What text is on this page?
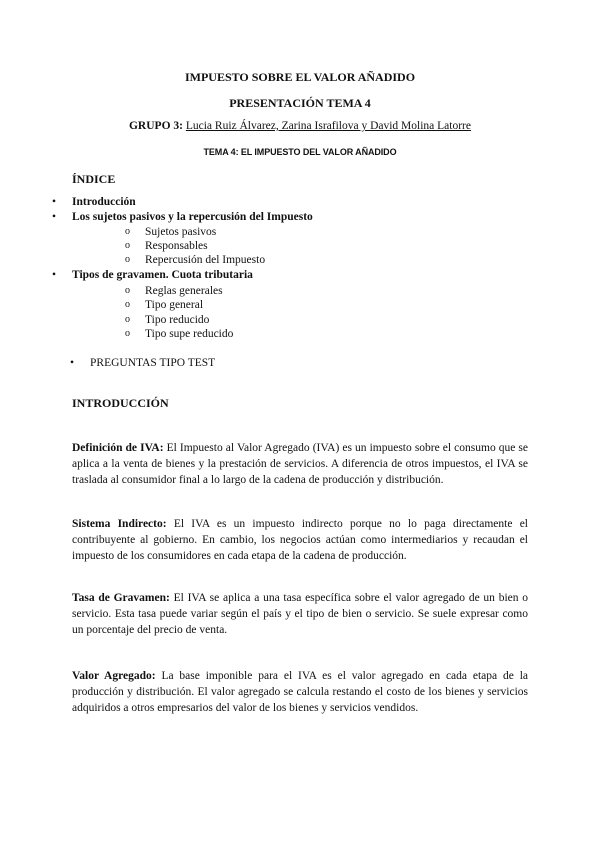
IMPUESTO SOBRE EL VALOR AÑADIDO
PRESENTACIÓN TEMA 4
GRUPO 3: Lucia Ruiz Álvarez, Zarina Israfilova y David Molina Latorre
TEMA 4: EL IMPUESTO DEL VALOR AÑADIDO
ÍNDICE
• Introducción
• Los sujetos pasivos y la repercusión del Impuesto
o Sujetos pasivos
o Responsables
o Repercusión del Impuesto
• Tipos de gravamen. Cuota tributaria
o Reglas generales
o Tipo general
o Tipo reducido
o Tipo supe reducido
• PREGUNTAS TIPO TEST
INTRODUCCIÓN
Definición de IVA: El Impuesto al Valor Agregado (IVA) es un impuesto sobre el consumo que se aplica a la venta de bienes y la prestación de servicios. A diferencia de otros impuestos, el IVA se traslada al consumidor final a lo largo de la cadena de producción y distribución.
Sistema Indirecto: El IVA es un impuesto indirecto porque no lo paga directamente el contribuyente al gobierno. En cambio, los negocios actúan como intermediarios y recaudan el impuesto de los consumidores en cada etapa de la cadena de producción.
Tasa de Gravamen: El IVA se aplica a una tasa específica sobre el valor agregado de un bien o servicio. Esta tasa puede variar según el país y el tipo de bien o servicio. Se suele expresar como un porcentaje del precio de venta.
Valor Agregado: La base imponible para el IVA es el valor agregado en cada etapa de la producción y distribución. El valor agregado se calcula restando el costo de los bienes y servicios adquiridos a otros empresarios del valor de los bienes y servicios vendidos.
